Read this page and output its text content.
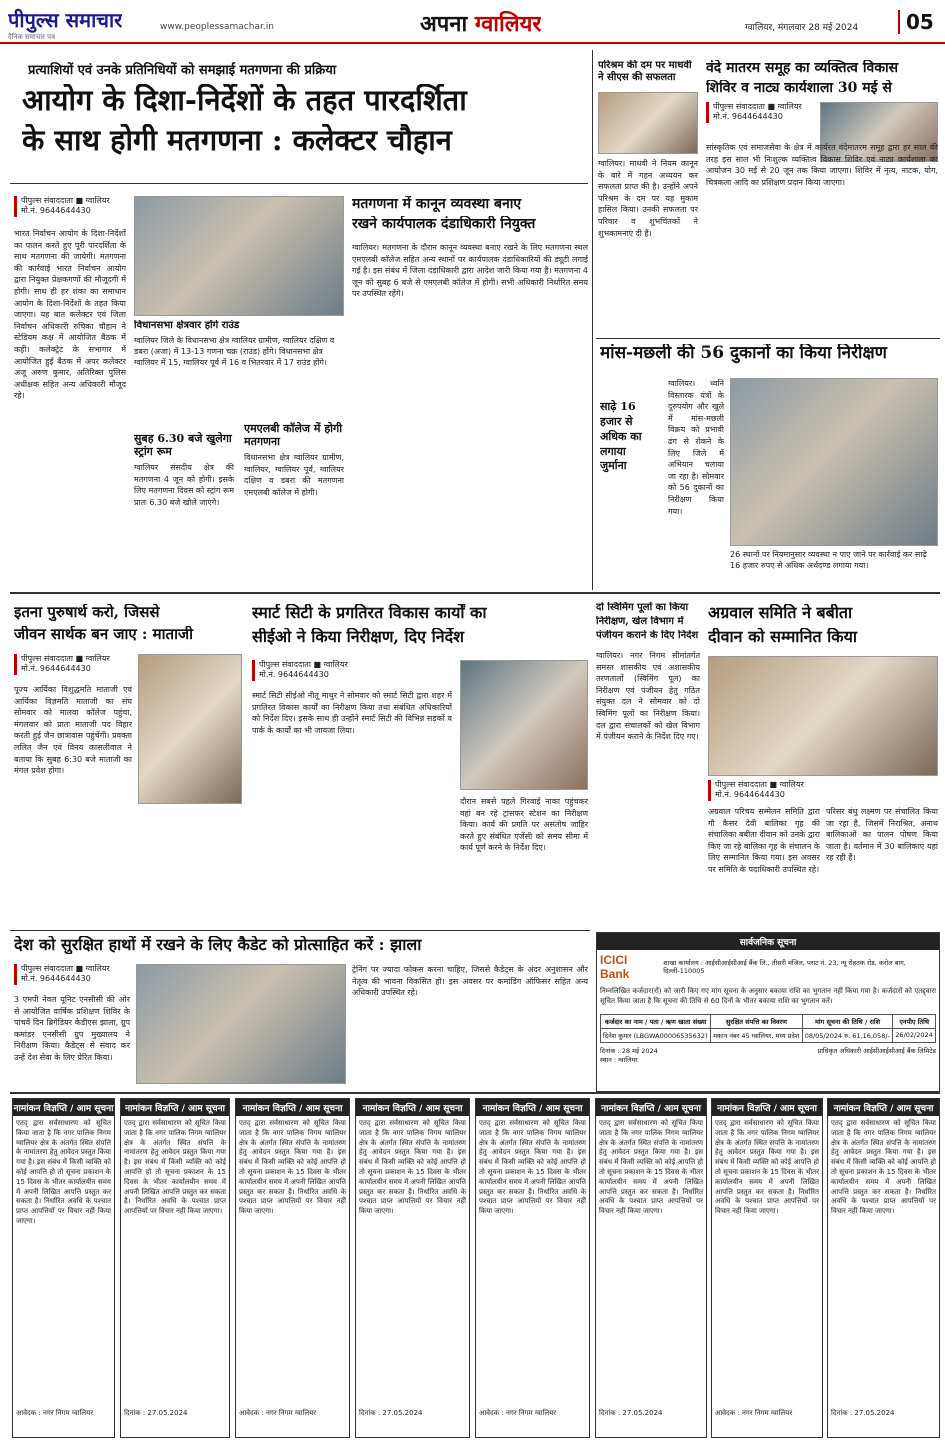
पीपुल्स समाचार
दैनिक समाचार पत्र
www.peoplessamachar.in	अपना ग्वालियर	ग्वालियर, मंगलवार 28 मई 2024	05
प्रत्याशियों एवं उनके प्रतिनिधियों को समझाई मतगणना की प्रक्रिया
आयोग के दिशा-निर्देशों के तहत पारदर्शिता
के साथ होगी मतगणना : कलेक्टर चौहान
पीपुल्स संवाददाता ■ ग्वालियर
मो.नं. 9644644430
भारत निर्वाचन आयोग के दिशा-निर्देशों का पालन करते हुए पूरी पारदर्शिता के साथ मतगणना की जायेगी। मतगणना की कार्रवाई भारत निर्वाचन आयोग द्वारा नियुक्त प्रेक्षकगणों की मौजूदगी में होगी। साथ ही हर शंका का समाधान आयोग के दिशा-निर्देशों के तहत किया जाएगा। यह बात कलेक्टर एवं जिला निर्वाचन अधिकारी रुचिका चौहान ने स्टेडियम कक्ष में आयोजित बैठक में कही। कलेक्ट्रेट के सभागार में आयोजित हुई बैठक में अपर कलेक्टर अंजू अरुण कुमार, अतिरिक्त पुलिस अधीक्षक सहित अन्य अधिकारी मौजूद रहे।
विधानसभा क्षेत्रवार होंगे राउंड
ग्वालियर जिले के विधानसभा क्षेत्र ग्वालियर ग्रामीण, ग्वालियर दक्षिण व डबरा (अजा) में 13-13 गणना चक्र (राउंड) होंगे। विधानसभा क्षेत्र ग्वालियर में 15, ग्वालियर पूर्व में 16 व भितरवार में 17 राउंड होंगे।
सुबह 6.30 बजे खुलेगा स्ट्रांग रूम
ग्वालियर संसदीय क्षेत्र की मतगणना 4 जून को होगी। इसके लिए मतगणना दिवस को स्ट्रांग रूम प्रातः 6.30 बजे खोले जाएंगे।
एमएलबी कॉलेज में होगी मतगणना
विधानसभा क्षेत्र ग्वालियर ग्रामीण, ग्वालियर, ग्वालियर पूर्व, ग्वालियर दक्षिण व डबरा की मतगणना एमएलबी कॉलेज में होगी।
मतगणना में कानून व्यवस्था बनाए
रखने कार्यपालक दंडाधिकारी नियुक्त
ग्वालियर। मतगणना के दौरान कानून व्यवस्था बनाए रखने के लिए मतगणना स्थल एमएलबी कॉलेज सहित अन्य स्थानों पर कार्यपालक दंडाधिकारियों की ड्यूटी लगाई गई है। इस संबंध में जिला दंडाधिकारी द्वारा आदेश जारी किया गया है। मतगणना 4 जून को सुबह 6 बजे से एमएलबी कॉलेज में होगी। सभी अधिकारी निर्धारित समय पर उपस्थित रहेंगे।
परिश्रम की दम पर माधवी ने सीएस की सफलता
ग्वालियर। माधवी ने नियम कानून के बारे में गहन अध्ययन कर सफलता प्राप्त की है। उन्होंने अपने परिश्रम के दम पर यह मुकाम हासिल किया। उनकी सफलता पर परिवार व शुभचिंतकों ने शुभकामनाएं दी हैं।
वंदे मातरम समूह का व्यक्तित्व विकास
शिविर व नाट्य कार्यशाला 30 मई से
पीपुल्स संवाददाता ■ ग्वालियर
मो.नं. 9644644430
सांस्कृतिक एवं समाजसेवा के क्षेत्र में कार्यरत वंदेमातरम समूह द्वारा हर साल की तरह इस साल भी निःशुल्क व्यक्तित्व विकास शिविर एवं नाट्य कार्यशाला का आयोजन 30 मई से 20 जून तक किया जाएगा। शिविर में नृत्य, नाटक, योग, चित्रकला आदि का प्रशिक्षण प्रदान किया जाएगा।
मांस-मछली की 56 दुकानों का किया निरीक्षण
साढ़े 16
हजार से
अधिक का
लगाया
जुर्माना
ग्वालियर। ध्वनि विस्तारक यंत्रों के दुरुपयोग और खुले में मांस-मछली विक्रय को प्रभावी ढंग से रोकने के लिए जिले में अभियान चलाया जा रहा है। सोमवार को 56 दुकानों का निरीक्षण किया गया।
26 स्थानों पर नियमानुसार व्यवस्था न पाए जाने पर कार्रवाई कर साढ़े 16 हजार रुपए से अधिक अर्थदण्ड लगाया गया।
इतना पुरुषार्थ करो, जिससे
जीवन सार्थक बन जाए : माताजी
पीपुल्स संवाददाता ■ ग्वालियर
मो.नं. 9644644430
पूज्य आर्यिका विशुद्धमति माताजी एवं आर्यिका विज्ञमति माताजी का संघ सोमवार को मालवा कॉलेज पहुंचा, मंगलवार को प्रातः माताजी पद विहार करती हुई जैन छात्रावास पहुंचेंगी। प्रवक्ता ललित जैन एवं विनय कासलीवाल ने बताया कि सुबह 6:30 बजे माताजी का मंगल प्रवेश होगा।
स्मार्ट सिटी के प्रगतिरत विकास कार्यों का
सीईओ ने किया निरीक्षण, दिए निर्देश
पीपुल्स संवाददाता ■ ग्वालियर
मो.नं. 9644644430
स्मार्ट सिटी सीईओ नीतू माथुर ने सोमवार को स्मार्ट सिटी द्वारा शहर में प्रगतिरत विकास कार्यों का निरीक्षण किया तथा संबंधित अधिकारियों को निर्देश दिए। इसके साथ ही उन्होंने स्मार्ट सिटी की विभिन्न सड़कों व पार्क के कार्यों का भी जायजा लिया।
दौरान सबसे पहले गिरवाई नाका पहुंचकर वहां बन रहे ट्रांसफर स्टेशन का निरीक्षण किया। कार्य की प्रगति पर असंतोष जाहिर करते हुए संबंधित एजेंसी को समय सीमा में कार्य पूर्ण करने के निर्देश दिए।
दो स्विमिंग पूलों का किया
निरीक्षण, खेल विभाग में
पंजीयन कराने के दिए निर्देश
ग्वालियर। नगर निगम सीमांतर्गत समस्त शासकीय एवं अशासकीय तरणतालों (स्विमिंग पूल) का निरीक्षण एवं पंजीयन हेतु गठित संयुक्त दल ने सोमवार को दो स्विमिंग पूलों का निरीक्षण किया। दल द्वारा संचालकों को खेल विभाग में पंजीयन कराने के निर्देश दिए गए।
अग्रवाल समिति ने बबीता
दीवान को सम्मानित किया
पीपुल्स संवाददाता ■ ग्वालियर
मो.नं. 9644644430
अग्रवाल परिचय सम्मेलन समिति द्वारा गौ कैसर देवी बालिका गृह की संचालिका बबीता दीवान को उनके द्वारा किए जा रहे बालिका गृह के संचालन के लिए सम्मानित किया गया। इस अवसर पर समिति के पदाधिकारी उपस्थित रहे।
परिसर बंधु लक्ष्मण पर संचालित किया जा रहा है, जिसमें निराश्रित, अनाथ बालिकाओं का पालन पोषण किया जाता है। वर्तमान में 30 बालिकाएं यहां रह रही हैं।
देश को सुरक्षित हाथों में रखने के लिए कैडेट को प्रोत्साहित करें : झाला
पीपुल्स संवाददाता ■ ग्वालियर
मो.नं. 9644644430
3 एमपी नेवल यूनिट एनसीसी की ओर से आयोजित वार्षिक प्रशिक्षण शिविर के पांचवें दिन ब्रिगेडियर केडीएस झाला, ग्रुप कमांडर एनसीसी ग्रुप मुख्यालय ने निरीक्षण किया। कैडेट्स से संवाद कर उन्हें देश सेवा के लिए प्रेरित किया।
ट्रेनिंग पर ज्यादा फोकस करना चाहिए, जिससे कैडेट्स के अंदर अनुशासन और नेतृत्व की भावना विकसित हो। इस अवसर पर कमांडिंग ऑफिसर सहित अन्य अधिकारी उपस्थित रहे।
सार्वजनिक सूचना
ICICI Bank
शाखा कार्यालय : आईसीआईसीआई बैंक लि., तीसरी मंजिल, प्लाट नं. 23, न्यू रोहतक रोड, करोल बाग, दिल्ली-110005
निम्नलिखित कर्जदार(रों) को जारी किए गए मांग सूचना के अनुसार बकाया राशि का भुगतान नहीं किया गया है। कर्जदारों को एतद्द्वारा सूचित किया जाता है कि सूचना की तिथि से 60 दिनों के भीतर बकाया राशि का भुगतान करें।
कर्जदार का नाम / पता / ऋण खाता संख्या	सुरक्षित संपत्ति का विवरण	मांग सूचना की तिथि / राशि	एनपीए तिथि
दिनेश कुमार (LBGWA00006535632)	मकान नंबर 45 ग्वालियर, मध्य प्रदेश	08/05/2024 रु. 61,16,058/-	26/02/2024
दिनांक : 28 मई 2024
स्थान : ग्वालियर
प्राधिकृत अधिकारी आईसीआईसीआई बैंक लिमिटेड
नामांकन विज्ञप्ति / आम सूचना
एतद् द्वारा सर्वसाधारण को सूचित किया जाता है कि नगर पालिक निगम ग्वालियर क्षेत्र के अंतर्गत स्थित संपत्ति के नामांतरण हेतु आवेदन प्रस्तुत किया गया है। इस संबंध में किसी व्यक्ति को कोई आपत्ति हो तो सूचना प्रकाशन के 15 दिवस के भीतर कार्यालयीन समय में अपनी लिखित आपत्ति प्रस्तुत कर सकता है। निर्धारित अवधि के पश्चात प्राप्त आपत्तियों पर विचार नहीं किया जाएगा।
आवेदक : नगर निगम ग्वालियर
नामांकन विज्ञप्ति / आम सूचना
एतद् द्वारा सर्वसाधारण को सूचित किया जाता है कि नगर पालिक निगम ग्वालियर क्षेत्र के अंतर्गत स्थित संपत्ति के नामांतरण हेतु आवेदन प्रस्तुत किया गया है। इस संबंध में किसी व्यक्ति को कोई आपत्ति हो तो सूचना प्रकाशन के 15 दिवस के भीतर कार्यालयीन समय में अपनी लिखित आपत्ति प्रस्तुत कर सकता है। निर्धारित अवधि के पश्चात प्राप्त आपत्तियों पर विचार नहीं किया जाएगा।
दिनांक : 27.05.2024
नामांकन विज्ञप्ति / आम सूचना
एतद् द्वारा सर्वसाधारण को सूचित किया जाता है कि नगर पालिक निगम ग्वालियर क्षेत्र के अंतर्गत स्थित संपत्ति के नामांतरण हेतु आवेदन प्रस्तुत किया गया है। इस संबंध में किसी व्यक्ति को कोई आपत्ति हो तो सूचना प्रकाशन के 15 दिवस के भीतर कार्यालयीन समय में अपनी लिखित आपत्ति प्रस्तुत कर सकता है। निर्धारित अवधि के पश्चात प्राप्त आपत्तियों पर विचार नहीं किया जाएगा।
आवेदक : नगर निगम ग्वालियर
नामांकन विज्ञप्ति / आम सूचना
एतद् द्वारा सर्वसाधारण को सूचित किया जाता है कि नगर पालिक निगम ग्वालियर क्षेत्र के अंतर्गत स्थित संपत्ति के नामांतरण हेतु आवेदन प्रस्तुत किया गया है। इस संबंध में किसी व्यक्ति को कोई आपत्ति हो तो सूचना प्रकाशन के 15 दिवस के भीतर कार्यालयीन समय में अपनी लिखित आपत्ति प्रस्तुत कर सकता है। निर्धारित अवधि के पश्चात प्राप्त आपत्तियों पर विचार नहीं किया जाएगा।
दिनांक : 27.05.2024
नामांकन विज्ञप्ति / आम सूचना
एतद् द्वारा सर्वसाधारण को सूचित किया जाता है कि नगर पालिक निगम ग्वालियर क्षेत्र के अंतर्गत स्थित संपत्ति के नामांतरण हेतु आवेदन प्रस्तुत किया गया है। इस संबंध में किसी व्यक्ति को कोई आपत्ति हो तो सूचना प्रकाशन के 15 दिवस के भीतर कार्यालयीन समय में अपनी लिखित आपत्ति प्रस्तुत कर सकता है। निर्धारित अवधि के पश्चात प्राप्त आपत्तियों पर विचार नहीं किया जाएगा।
आवेदक : नगर निगम ग्वालियर
नामांकन विज्ञप्ति / आम सूचना
एतद् द्वारा सर्वसाधारण को सूचित किया जाता है कि नगर पालिक निगम ग्वालियर क्षेत्र के अंतर्गत स्थित संपत्ति के नामांतरण हेतु आवेदन प्रस्तुत किया गया है। इस संबंध में किसी व्यक्ति को कोई आपत्ति हो तो सूचना प्रकाशन के 15 दिवस के भीतर कार्यालयीन समय में अपनी लिखित आपत्ति प्रस्तुत कर सकता है। निर्धारित अवधि के पश्चात प्राप्त आपत्तियों पर विचार नहीं किया जाएगा।
दिनांक : 27.05.2024
नामांकन विज्ञप्ति / आम सूचना
एतद् द्वारा सर्वसाधारण को सूचित किया जाता है कि नगर पालिक निगम ग्वालियर क्षेत्र के अंतर्गत स्थित संपत्ति के नामांतरण हेतु आवेदन प्रस्तुत किया गया है। इस संबंध में किसी व्यक्ति को कोई आपत्ति हो तो सूचना प्रकाशन के 15 दिवस के भीतर कार्यालयीन समय में अपनी लिखित आपत्ति प्रस्तुत कर सकता है। निर्धारित अवधि के पश्चात प्राप्त आपत्तियों पर विचार नहीं किया जाएगा।
आवेदक : नगर निगम ग्वालियर
नामांकन विज्ञप्ति / आम सूचना
एतद् द्वारा सर्वसाधारण को सूचित किया जाता है कि नगर पालिक निगम ग्वालियर क्षेत्र के अंतर्गत स्थित संपत्ति के नामांतरण हेतु आवेदन प्रस्तुत किया गया है। इस संबंध में किसी व्यक्ति को कोई आपत्ति हो तो सूचना प्रकाशन के 15 दिवस के भीतर कार्यालयीन समय में अपनी लिखित आपत्ति प्रस्तुत कर सकता है। निर्धारित अवधि के पश्चात प्राप्त आपत्तियों पर विचार नहीं किया जाएगा।
दिनांक : 27.05.2024
